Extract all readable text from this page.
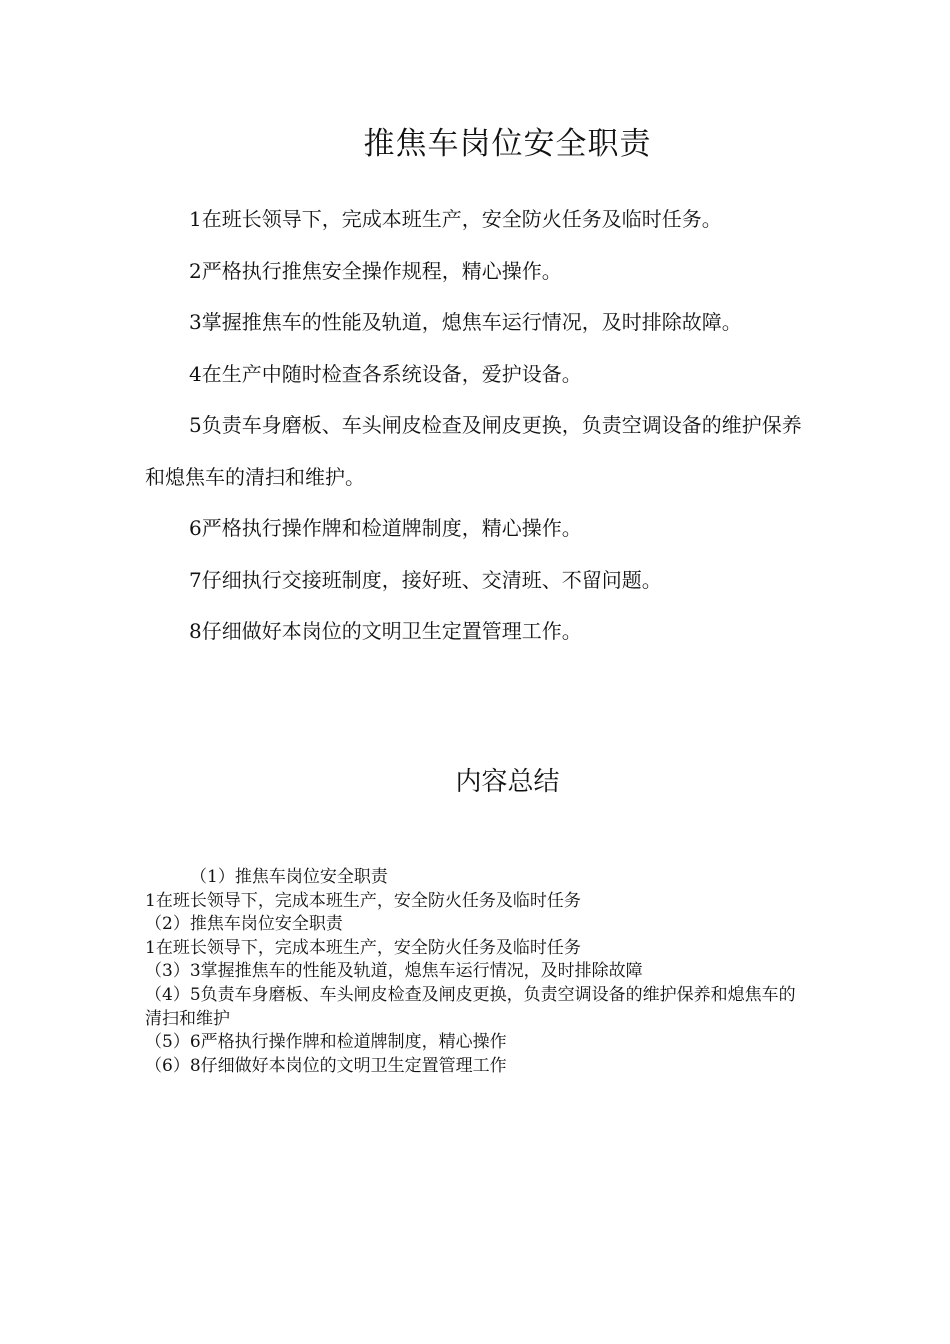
推焦车岗位安全职责

1在班长领导下，完成本班生产，安全防火任务及临时任务。

2严格执行推焦安全操作规程，精心操作。

3掌握推焦车的性能及轨道，熄焦车运行情况，及时排除故障。

4在生产中随时检查各系统设备，爱护设备。

5负责车身磨板、车头闸皮检查及闸皮更换，负责空调设备的维护保养和熄焦车的清扫和维护。

6严格执行操作牌和检道牌制度，精心操作。

7仔细执行交接班制度，接好班、交清班、不留问题。

8仔细做好本岗位的文明卫生定置管理工作。

内容总结

（1）推焦车岗位安全职责

1在班长领导下，完成本班生产，安全防火任务及临时任务

（2）推焦车岗位安全职责

1在班长领导下，完成本班生产，安全防火任务及临时任务

（3）3掌握推焦车的性能及轨道，熄焦车运行情况，及时排除故障

（4）5负责车身磨板、车头闸皮检查及闸皮更换，负责空调设备的维护保养和熄焦车的清扫和维护

（5）6严格执行操作牌和检道牌制度，精心操作

（6）8仔细做好本岗位的文明卫生定置管理工作
